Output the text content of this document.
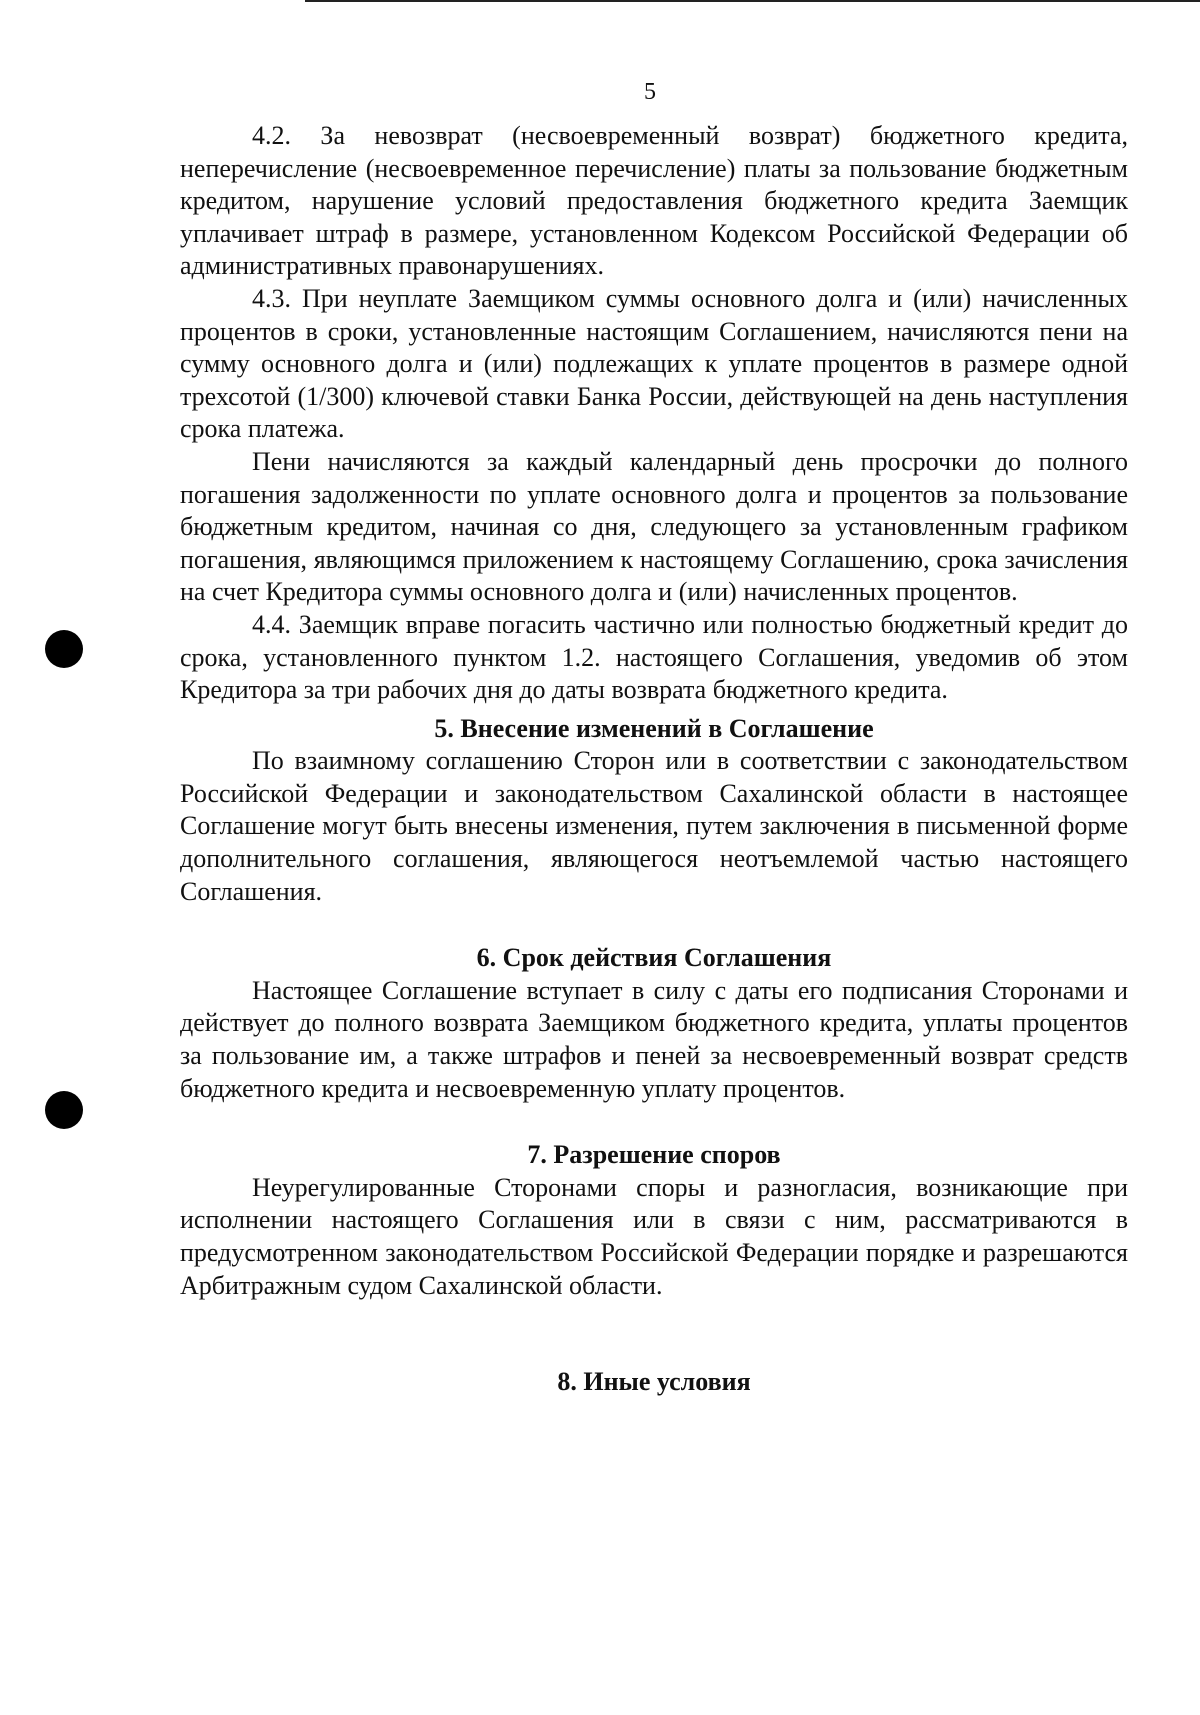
5

4.2. За невозврат (несвоевременный возврат) бюджетного кредита, неперечисление (несвоевременное перечисление) платы за пользование бюджетным кредитом, нарушение условий предоставления бюджетного кредита Заемщик уплачивает штраф в размере, установленном Кодексом Российской Федерации об административных правонарушениях.

4.3. При неуплате Заемщиком суммы основного долга и (или) начисленных процентов в сроки, установленные настоящим Соглашением, начисляются пени на сумму основного долга и (или) подлежащих к уплате процентов в размере одной трехсотой (1/300) ключевой ставки Банка России, действующей на день наступления срока платежа.

Пени начисляются за каждый календарный день просрочки до полного погашения задолженности по уплате основного долга и процентов за пользование бюджетным кредитом, начиная со дня, следующего за установленным графиком погашения, являющимся приложением к настоящему Соглашению, срока зачисления на счет Кредитора суммы основного долга и (или) начисленных процентов.

4.4. Заемщик вправе погасить частично или полностью бюджетный кредит до срока, установленного пунктом 1.2. настоящего Соглашения, уведомив об этом Кредитора за три рабочих дня до даты возврата бюджетного кредита.

5. Внесение изменений в Соглашение

По взаимному соглашению Сторон или в соответствии с законодательством Российской Федерации и законодательством Сахалинской области в настоящее Соглашение могут быть внесены изменения, путем заключения в письменной форме дополнительного соглашения, являющегося неотъемлемой частью настоящего Соглашения.

6. Срок действия Соглашения

Настоящее Соглашение вступает в силу с даты его подписания Сторонами и действует до полного возврата Заемщиком бюджетного кредита, уплаты процентов за пользование им, а также штрафов и пеней за несвоевременный возврат средств бюджетного кредита и несвоевременную уплату процентов.

7. Разрешение споров

Неурегулированные Сторонами споры и разногласия, возникающие при исполнении настоящего Соглашения или в связи с ним, рассматриваются в предусмотренном законодательством Российской Федерации порядке и разрешаются Арбитражным судом Сахалинской области.

8. Иные условия
